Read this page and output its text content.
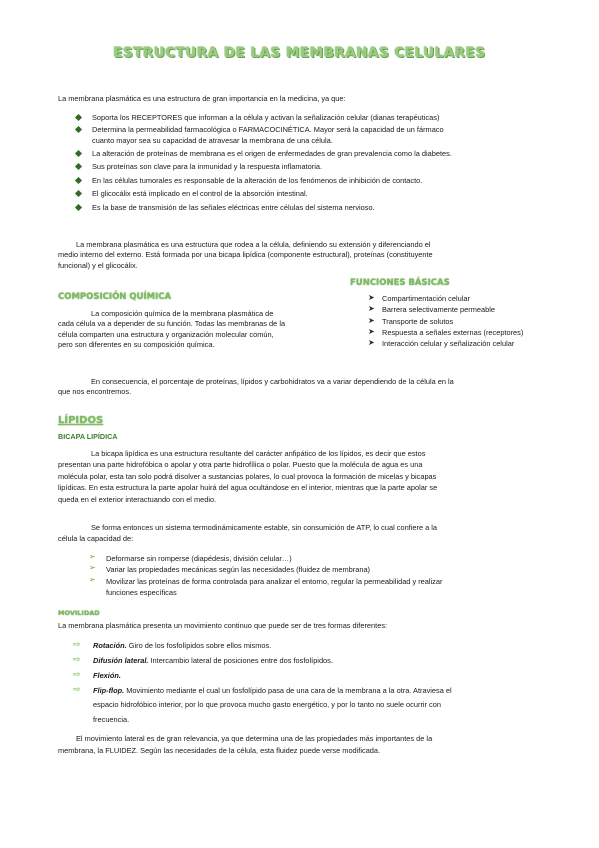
ESTRUCTURA DE LAS MEMBRANAS CELULARES

La membrana plasmática es una estructura de gran importancia en la medicina, ya que:

Soporta los RECEPTORES que informan a la célula y activan la señalización celular (dianas terapéuticas)
Determina la permeabilidad farmacológica o FARMACOCINÉTICA. Mayor será la capacidad de un fármaco
cuanto mayor sea su capacidad de atravesar la membrana de una célula.
La alteración de proteínas de membrana es el origen de enfermedades de gran prevalencia como la diabetes.
Sus proteínas son clave para la inmunidad y la respuesta inflamatoria.
En las células tumorales es responsable de la alteración de los fenómenos de inhibición de contacto.
El glicocálix está implicado en el control de la absorción intestinal.
Es la base de transmisión de las señales eléctricas entre células del sistema nervioso.
La membrana plasmática es una estructura que rodea a la célula, definiendo su extensión y diferenciando el
medio interno del externo. Está formada por una bicapa lipídica (componente estructural), proteínas (constituyente
funcional) y el glicocálix.
FUNCIONES BÁSICAS
➤ Compartimentación celular
➤ Barrera selectivamente permeable
➤ Transporte de solutos
➤ Respuesta a señales externas (receptores)
➤ Interacción celular y señalización celular
COMPOSICIÓN QUÍMICA
La composición química de la membrana plasmática de
cada célula va a depender de su función. Todas las membranas de la
célula comparten una estructura y organización molecular común,
pero son diferentes en su composición química.
En consecuencia, el porcentaje de proteínas, lípidos y carbohidratos va a variar dependiendo de la célula en la
que nos encontremos.
LÍPIDOS
BICAPA LIPÍDICA
La bicapa lipídica es una estructura resultante del carácter anfipático de los lípidos, es decir que estos
presentan una parte hidrofóbica o apolar y otra parte hidrofílica o polar. Puesto que la molécula de agua es una
molécula polar, esta tan solo podrá disolver a sustancias polares, lo cual provoca la formación de micelas y bicapas
lipídicas. En esta estructura la parte apolar huirá del agua ocultándose en el interior, mientras que la parte apolar se
queda en el exterior interactuando con el medio.
Se forma entonces un sistema termodinámicamente estable, sin consumición de ATP, lo cual confiere a la
célula la capacidad de:
➢ Deformarse sin romperse (diapédesis, división celular…)
➢ Variar las propiedades mecánicas según las necesidades (fluidez de membrana)
➢ Movilizar las proteínas de forma controlada para analizar el entorno, regular la permeabilidad y realizar
funciones específicas
MOVILIDAD
La membrana plasmática presenta un movimiento continuo que puede ser de tres formas diferentes:
⇨ Rotación. Giro de los fosfolípidos sobre ellos mismos.
⇨ Difusión lateral. Intercambio lateral de posiciones entre dos fosfolípidos.
⇨ Flexión.
⇨ Flip-flop. Movimiento mediante el cual un fosfolípido pasa de una cara de la membrana a la otra. Atraviesa el
espacio hidrofóbico interior, por lo que provoca mucho gasto energético, y por lo tanto no suele ocurrir con
frecuencia.
El movimiento lateral es de gran relevancia, ya que determina una de las propiedades más importantes de la
membrana, la FLUIDEZ. Según las necesidades de la célula, esta fluidez puede verse modificada.
